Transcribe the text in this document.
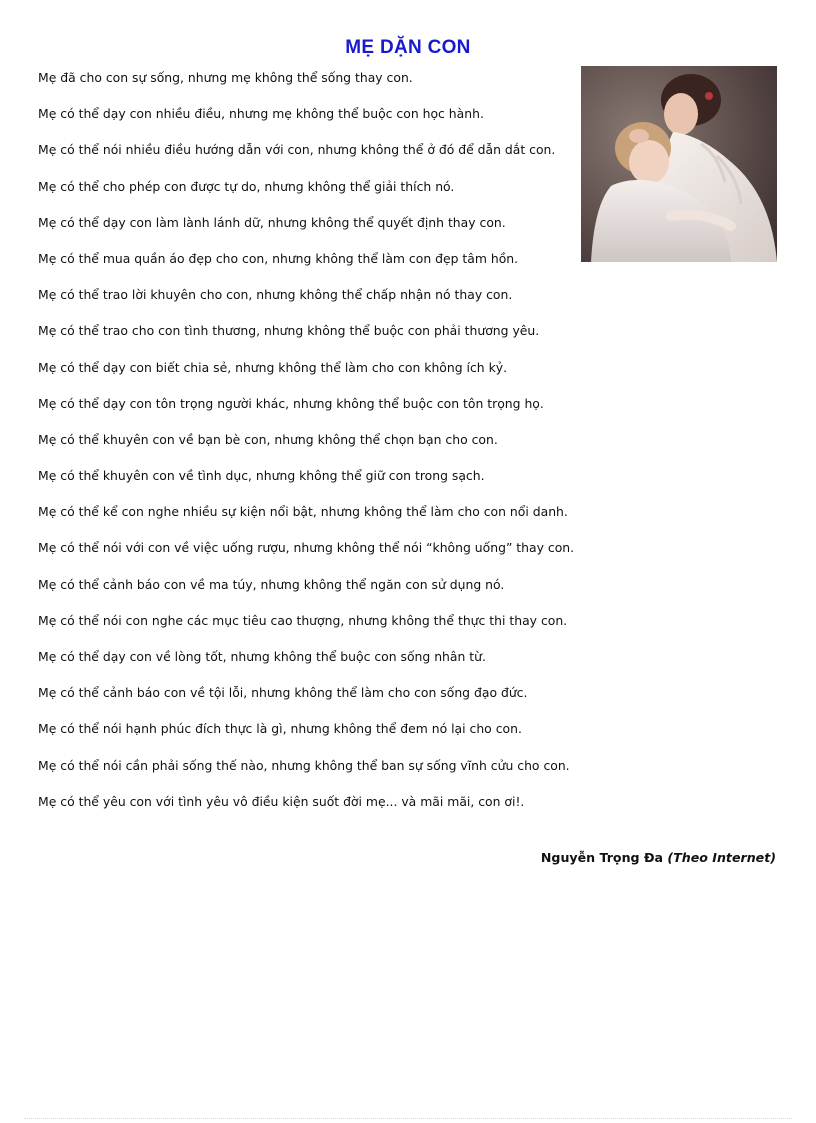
MẸ DẶN CON
Mẹ đã cho con sự sống, nhưng mẹ không thể sống thay con.
Mẹ có thể dạy con nhiều điều, nhưng mẹ không thể buộc con học hành.
Mẹ có thể nói nhiều điều hướng dẫn với con, nhưng không thể ở đó để dẫn dắt con.
Mẹ có thể cho phép con được tự do, nhưng không thể giải thích nó.
Mẹ có thể dạy con làm lành lánh dữ, nhưng không thể quyết định thay con.
Mẹ có thể mua quần áo đẹp cho con, nhưng không thể làm con đẹp tâm hồn.
Mẹ có thể trao lời khuyên cho con, nhưng không thể chấp nhận nó thay con.
Mẹ có thể trao cho con tình thương, nhưng không thể buộc con phải thương yêu.
Mẹ có thể dạy con biết chia sẻ, nhưng không thể làm cho con không ích kỷ.
Mẹ có thể dạy con tôn trọng người khác, nhưng không thể buộc con tôn trọng họ.
Mẹ có thể khuyên con về bạn bè con, nhưng không thể chọn bạn cho con.
Mẹ có thể khuyên con về tình dục, nhưng không thể giữ con trong sạch.
Mẹ có thể kể con nghe nhiều sự kiện nổi bật, nhưng không thể làm cho con nổi danh.
Mẹ có thể nói với con về việc uống rượu, nhưng không thể nói “không uống” thay con.
Mẹ có thể cảnh báo con về ma túy, nhưng không thể ngăn con sử dụng nó.
Mẹ có thể nói con nghe các mục tiêu cao thượng, nhưng không thể thực thi thay con.
Mẹ có thể dạy con về lòng tốt, nhưng không thể buộc con sống nhân từ.
Mẹ có thể cảnh báo con về tội lỗi, nhưng không thể làm cho con sống đạo đức.
Mẹ có thể nói hạnh phúc đích thực là gì, nhưng không thể đem nó lại cho con.
Mẹ có thể nói cần phải sống thế nào, nhưng không thể ban sự sống vĩnh cửu cho con.
Mẹ có thể yêu con với tình yêu vô điều kiện suốt đời mẹ... và mãi mãi, con ơi!.
Nguyễn Trọng Đa (Theo Internet)
